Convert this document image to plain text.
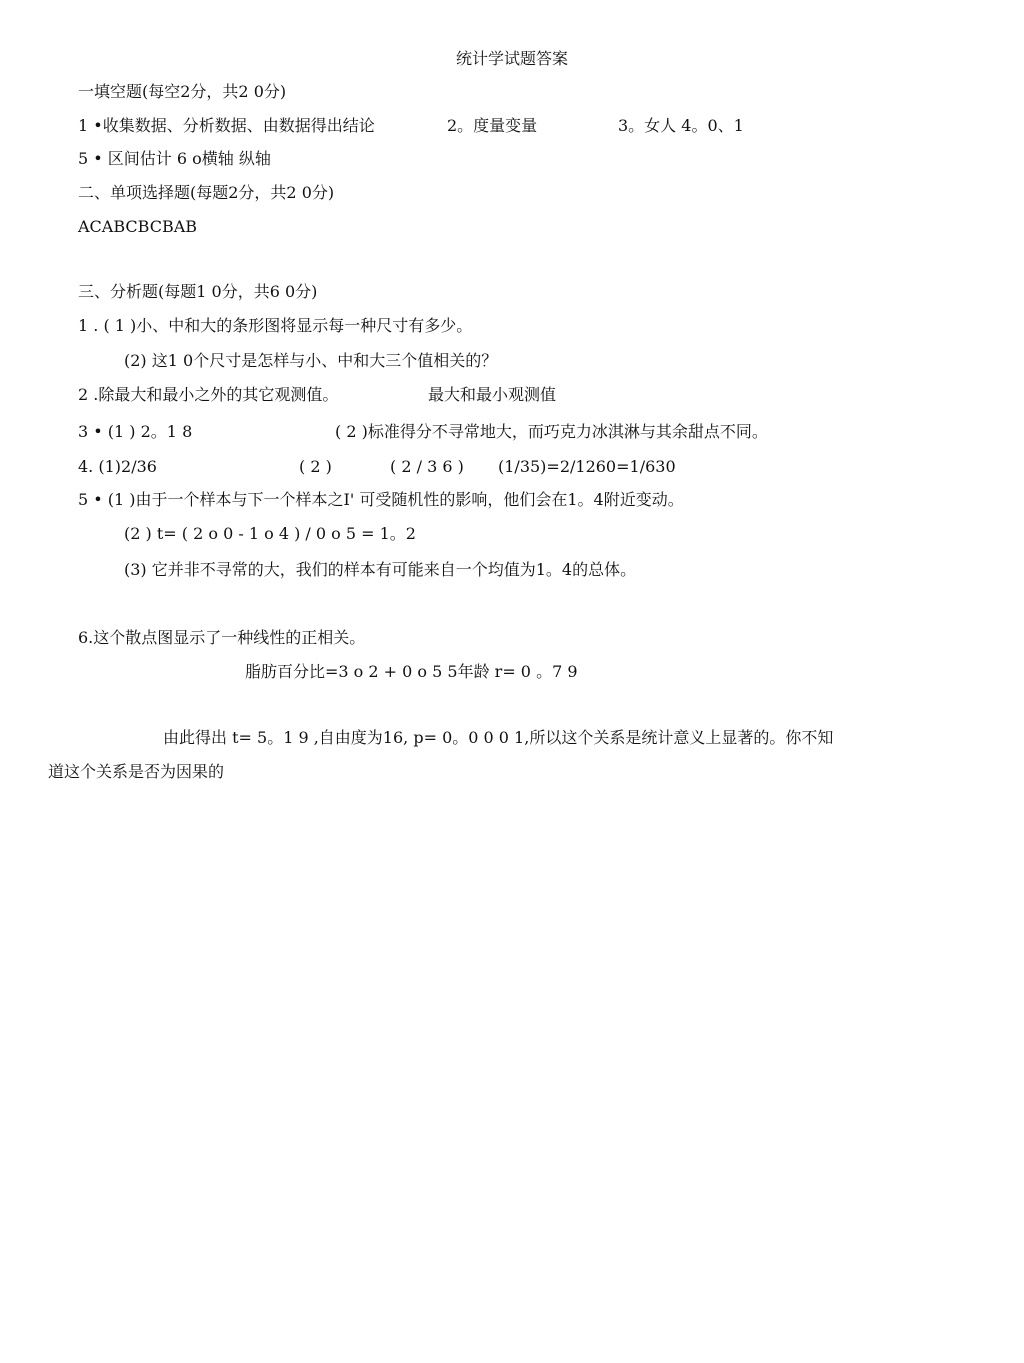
统计学试题答案
一填空题(每空2分，共2 0分)
1 •收集数据、分析数据、由数据得出结论	2。度量变量	3。女人 4。0、1
5 • 区间估计 6 o横轴 纵轴
二、单项选择题(每题2分，共2 0分)
ACABCBCBAB
三、分析题(每题1 0分，共6 0分)
1 . ( 1 )小、中和大的条形图将显示每一种尺寸有多少。
(2) 这1 0个尺寸是怎样与小、中和大三个值相关的？
2 .除最大和最小之外的其它观测值。	最大和最小观测值
3 • (1 ) 2。1 8	( 2 )标准得分不寻常地大，而巧克力冰淇淋与其余甜点不同。
4. (1)2/36	( 2 )	( 2 / 3 6 ) (1/35)=2/1260=1/630
5 • (1 )由于一个样本与下一个样本之I' 可受随机性的影响，他们会在1。4附近变动。
(2 ) t= ( 2 o 0 - 1 o 4 ) / 0 o 5 = 1。2
(3) 它并非不寻常的大，我们的样本有可能来自一个均值为1。4的总体。
6.这个散点图显示了一种线性的正相关。
脂肪百分比=3 o 2 + 0 o 5 5年龄 r= 0 。7 9
由此得出 t= 5。1 9 ,自由度为16, p= 0。0 0 0 1,所以这个关系是统计意义上显著的。你不知
道这个关系是否为因果的
